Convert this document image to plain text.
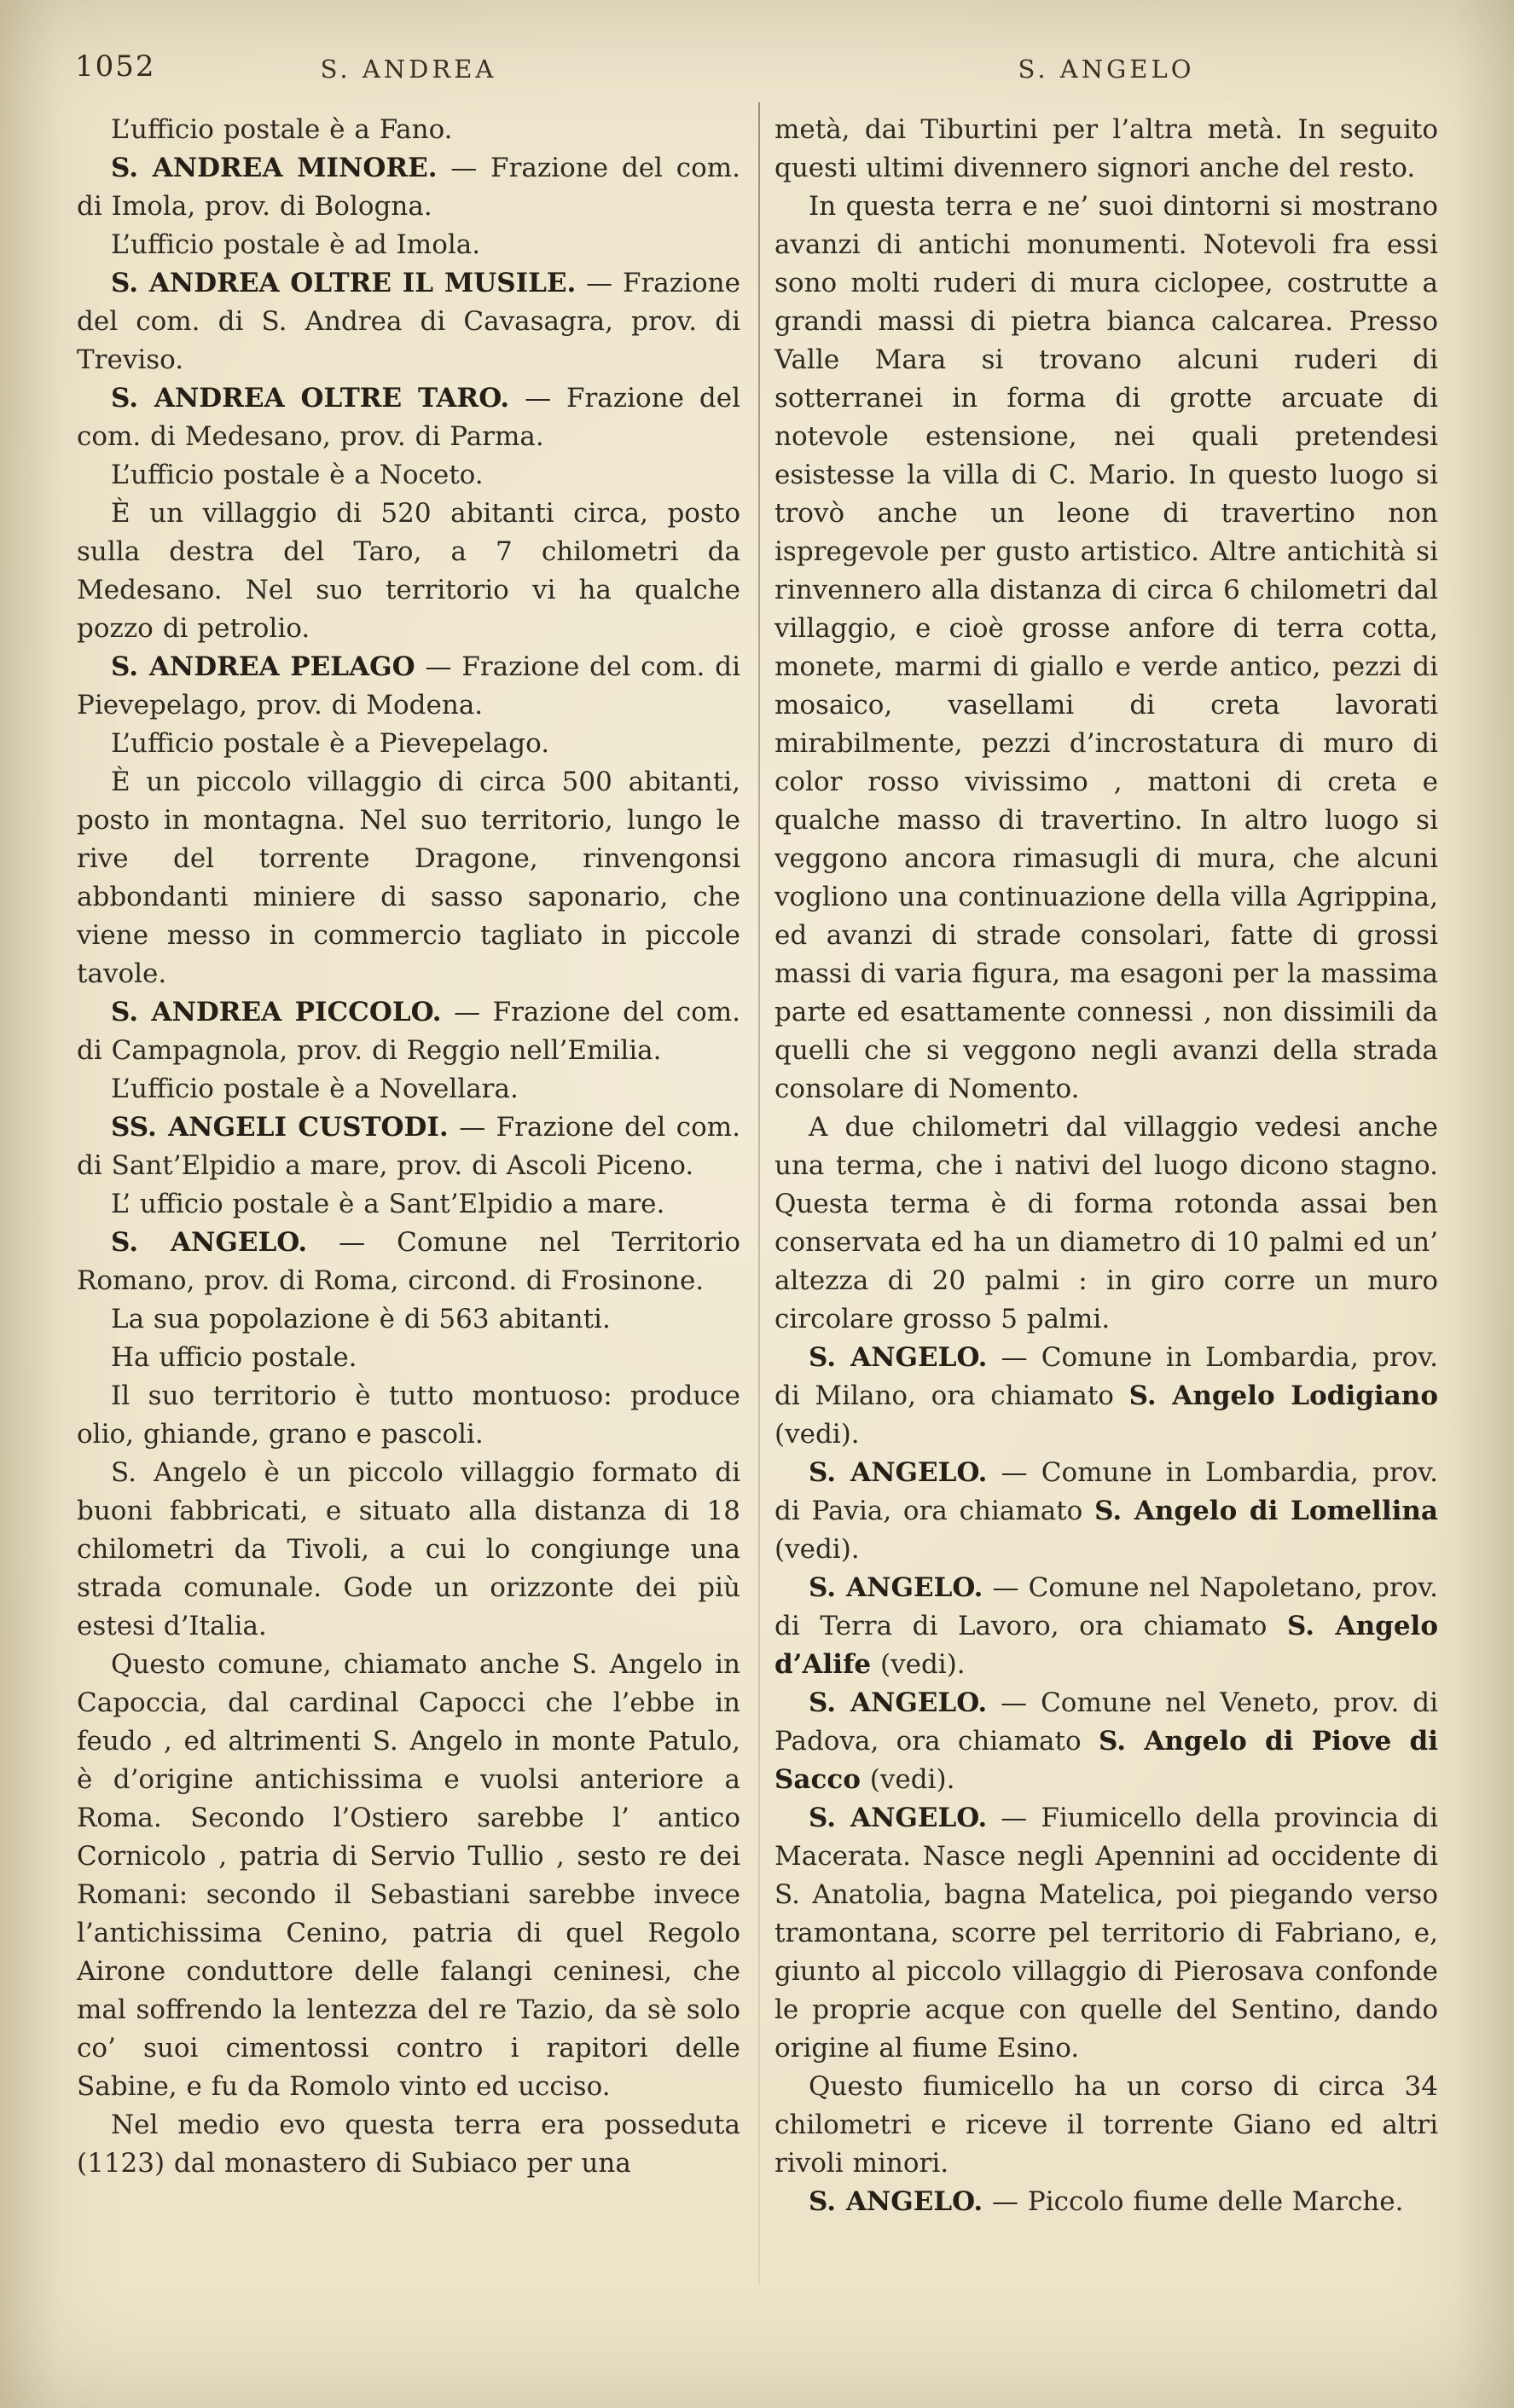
1052	S. ANDREA	S. ANGELO

L’ufficio postale è a Fano.

S. ANDREA MINORE. — Frazione del com. di Imola, prov. di Bologna.

L’ufficio postale è ad Imola.

S. ANDREA OLTRE IL MUSILE. — Frazione del com. di S. Andrea di Cavasagra, prov. di Treviso.

S. ANDREA OLTRE TARO. — Frazione del com. di Medesano, prov. di Parma.

L’ufficio postale è a Noceto.

È un villaggio di 520 abitanti circa, posto sulla destra del Taro, a 7 chilometri da Medesano. Nel suo territorio vi ha qualche pozzo di petrolio.

S. ANDREA PELAGO — Frazione del com. di Pievepelago, prov. di Modena.

L’ufficio postale è a Pievepelago.

È un piccolo villaggio di circa 500 abitanti, posto in montagna. Nel suo territorio, lungo le rive del torrente Dragone, rinvengonsi abbondanti miniere di sasso saponario, che viene messo in commercio tagliato in piccole tavole.

S. ANDREA PICCOLO. — Frazione del com. di Campagnola, prov. di Reggio nell’Emilia.

L’ufficio postale è a Novellara.

SS. ANGELI CUSTODI. — Frazione del com. di Sant’Elpidio a mare, prov. di Ascoli Piceno.

L’ ufficio postale è a Sant’Elpidio a mare.

S. ANGELO. — Comune nel Territorio Romano, prov. di Roma, circond. di Frosinone.

La sua popolazione è di 563 abitanti.

Ha ufficio postale.

Il suo territorio è tutto montuoso: produce olio, ghiande, grano e pascoli.

S. Angelo è un piccolo villaggio formato di buoni fabbricati, e situato alla distanza di 18 chilometri da Tivoli, a cui lo congiunge una strada comunale. Gode un orizzonte dei più estesi d’Italia.

Questo comune, chiamato anche S. Angelo in Capoccia, dal cardinal Capocci che l’ebbe in feudo , ed altrimenti S. Angelo in monte Patulo, è d’origine antichissima e vuolsi anteriore a Roma. Secondo l’Ostiero sarebbe l’ antico Cornicolo , patria di Servio Tullio , sesto re dei Romani: secondo il Sebastiani sarebbe invece l’antichissima Cenino, patria di quel Regolo Airone conduttore delle falangi ceninesi, che mal soffrendo la lentezza del re Tazio, da sè solo co’ suoi cimentossi contro i rapitori delle Sabine, e fu da Romolo vinto ed ucciso.

Nel medio evo questa terra era posseduta (1123) dal monastero di Subiaco per una

metà, dai Tiburtini per l’altra metà. In seguito questi ultimi divennero signori anche del resto.

In questa terra e ne’ suoi dintorni si mostrano avanzi di antichi monumenti. Notevoli fra essi sono molti ruderi di mura ciclopee, costrutte a grandi massi di pietra bianca calcarea. Presso Valle Mara si trovano alcuni ruderi di sotterranei in forma di grotte arcuate di notevole estensione, nei quali pretendesi esistesse la villa di C. Mario. In questo luogo si trovò anche un leone di travertino non ispregevole per gusto artistico. Altre antichità si rinvennero alla distanza di circa 6 chilometri dal villaggio, e cioè grosse anfore di terra cotta, monete, marmi di giallo e verde antico, pezzi di mosaico, vasellami di creta lavorati mirabilmente, pezzi d’incrostatura di muro di color rosso vivissimo , mattoni di creta e qualche masso di travertino. In altro luogo si veggono ancora rimasugli di mura, che alcuni vogliono una continuazione della villa Agrippina, ed avanzi di strade consolari, fatte di grossi massi di varia figura, ma esagoni per la massima parte ed esattamente connessi , non dissimili da quelli che si veggono negli avanzi della strada consolare di Nomento.

A due chilometri dal villaggio vedesi anche una terma, che i nativi del luogo dicono stagno. Questa terma è di forma rotonda assai ben conservata ed ha un diametro di 10 palmi ed un’ altezza di 20 palmi : in giro corre un muro circolare grosso 5 palmi.

S. ANGELO. — Comune in Lombardia, prov. di Milano, ora chiamato S. Angelo Lodigiano (vedi).

S. ANGELO. — Comune in Lombardia, prov. di Pavia, ora chiamato S. Angelo di Lomellina (vedi).

S. ANGELO. — Comune nel Napoletano, prov. di Terra di Lavoro, ora chiamato S. Angelo d’Alife (vedi).

S. ANGELO. — Comune nel Veneto, prov. di Padova, ora chiamato S. Angelo di Piove di Sacco (vedi).

S. ANGELO. — Fiumicello della provincia di Macerata. Nasce negli Apennini ad occidente di S. Anatolia, bagna Matelica, poi piegando verso tramontana, scorre pel territorio di Fabriano, e, giunto al piccolo villaggio di Pierosava confonde le proprie acque con quelle del Sentino, dando origine al fiume Esino.

Questo fiumicello ha un corso di circa 34 chilometri e riceve il torrente Giano ed altri rivoli minori.

S. ANGELO. — Piccolo fiume delle Marche.
